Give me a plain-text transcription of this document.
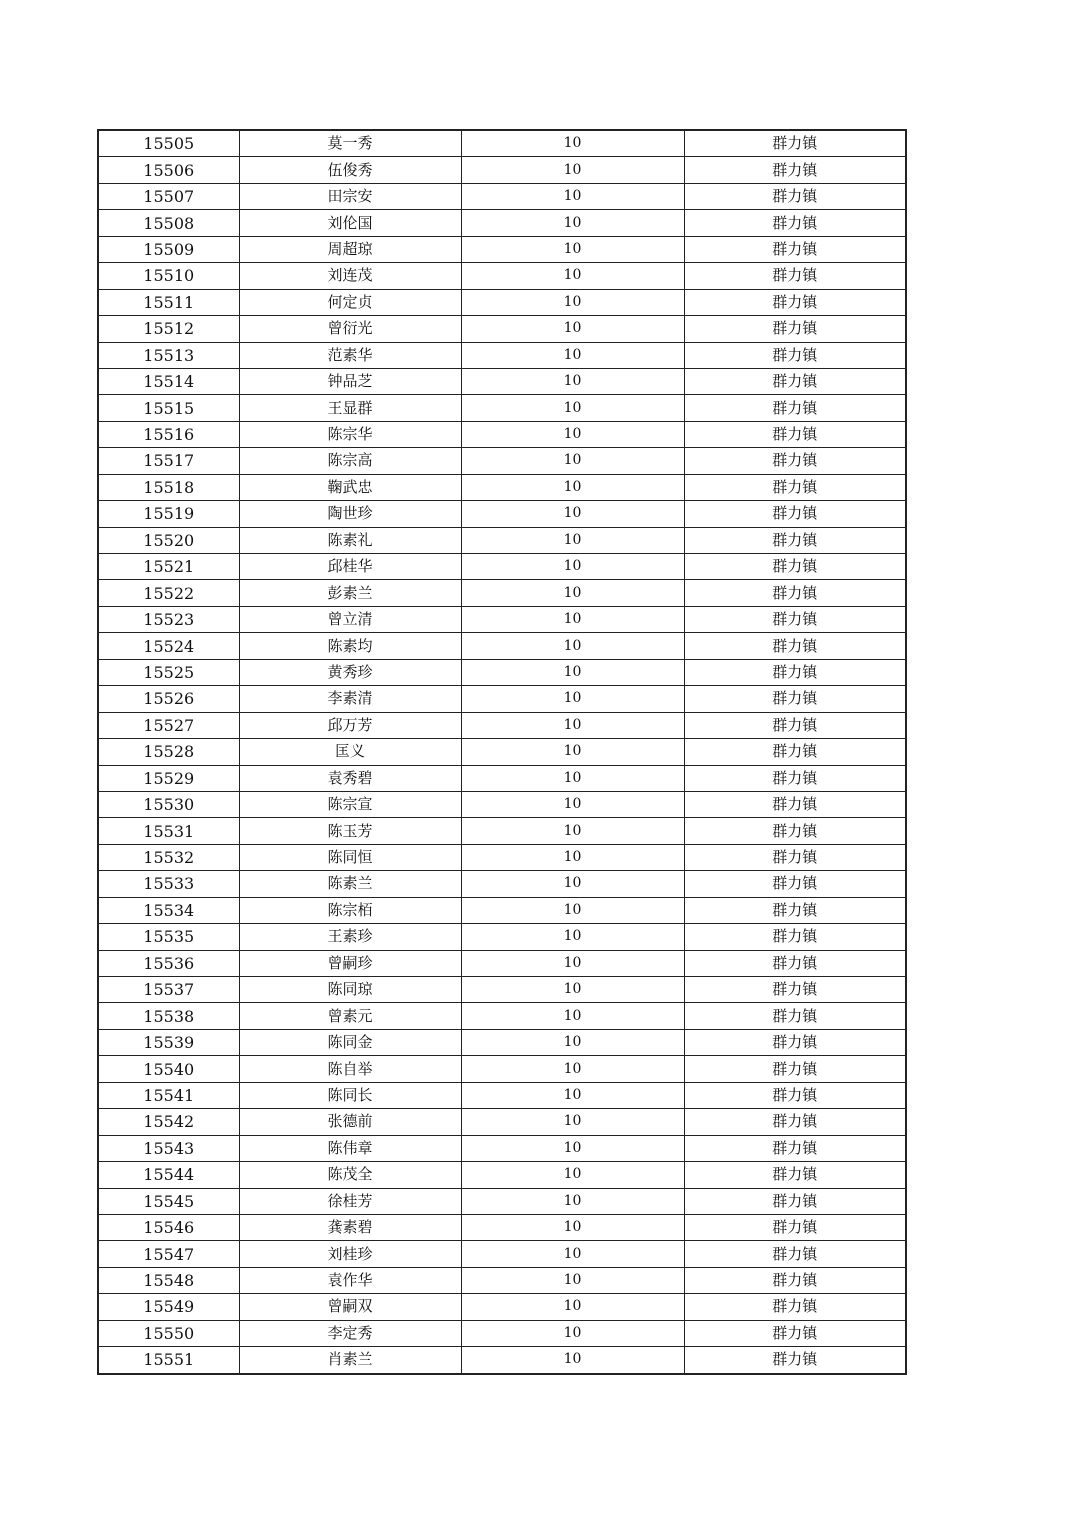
15505	莫一秀	10	群力镇
15506	伍俊秀	10	群力镇
15507	田宗安	10	群力镇
15508	刘伦国	10	群力镇
15509	周超琼	10	群力镇
15510	刘连茂	10	群力镇
15511	何定贞	10	群力镇
15512	曾衍光	10	群力镇
15513	范素华	10	群力镇
15514	钟品芝	10	群力镇
15515	王显群	10	群力镇
15516	陈宗华	10	群力镇
15517	陈宗高	10	群力镇
15518	鞠武忠	10	群力镇
15519	陶世珍	10	群力镇
15520	陈素礼	10	群力镇
15521	邱桂华	10	群力镇
15522	彭素兰	10	群力镇
15523	曾立清	10	群力镇
15524	陈素均	10	群力镇
15525	黄秀珍	10	群力镇
15526	李素清	10	群力镇
15527	邱万芳	10	群力镇
15528	匡义	10	群力镇
15529	袁秀碧	10	群力镇
15530	陈宗宣	10	群力镇
15531	陈玉芳	10	群力镇
15532	陈同恒	10	群力镇
15533	陈素兰	10	群力镇
15534	陈宗栢	10	群力镇
15535	王素珍	10	群力镇
15536	曾嗣珍	10	群力镇
15537	陈同琼	10	群力镇
15538	曾素元	10	群力镇
15539	陈同金	10	群力镇
15540	陈自举	10	群力镇
15541	陈同长	10	群力镇
15542	张德前	10	群力镇
15543	陈伟章	10	群力镇
15544	陈茂全	10	群力镇
15545	徐桂芳	10	群力镇
15546	龚素碧	10	群力镇
15547	刘桂珍	10	群力镇
15548	袁作华	10	群力镇
15549	曾嗣双	10	群力镇
15550	李定秀	10	群力镇
15551	肖素兰	10	群力镇
